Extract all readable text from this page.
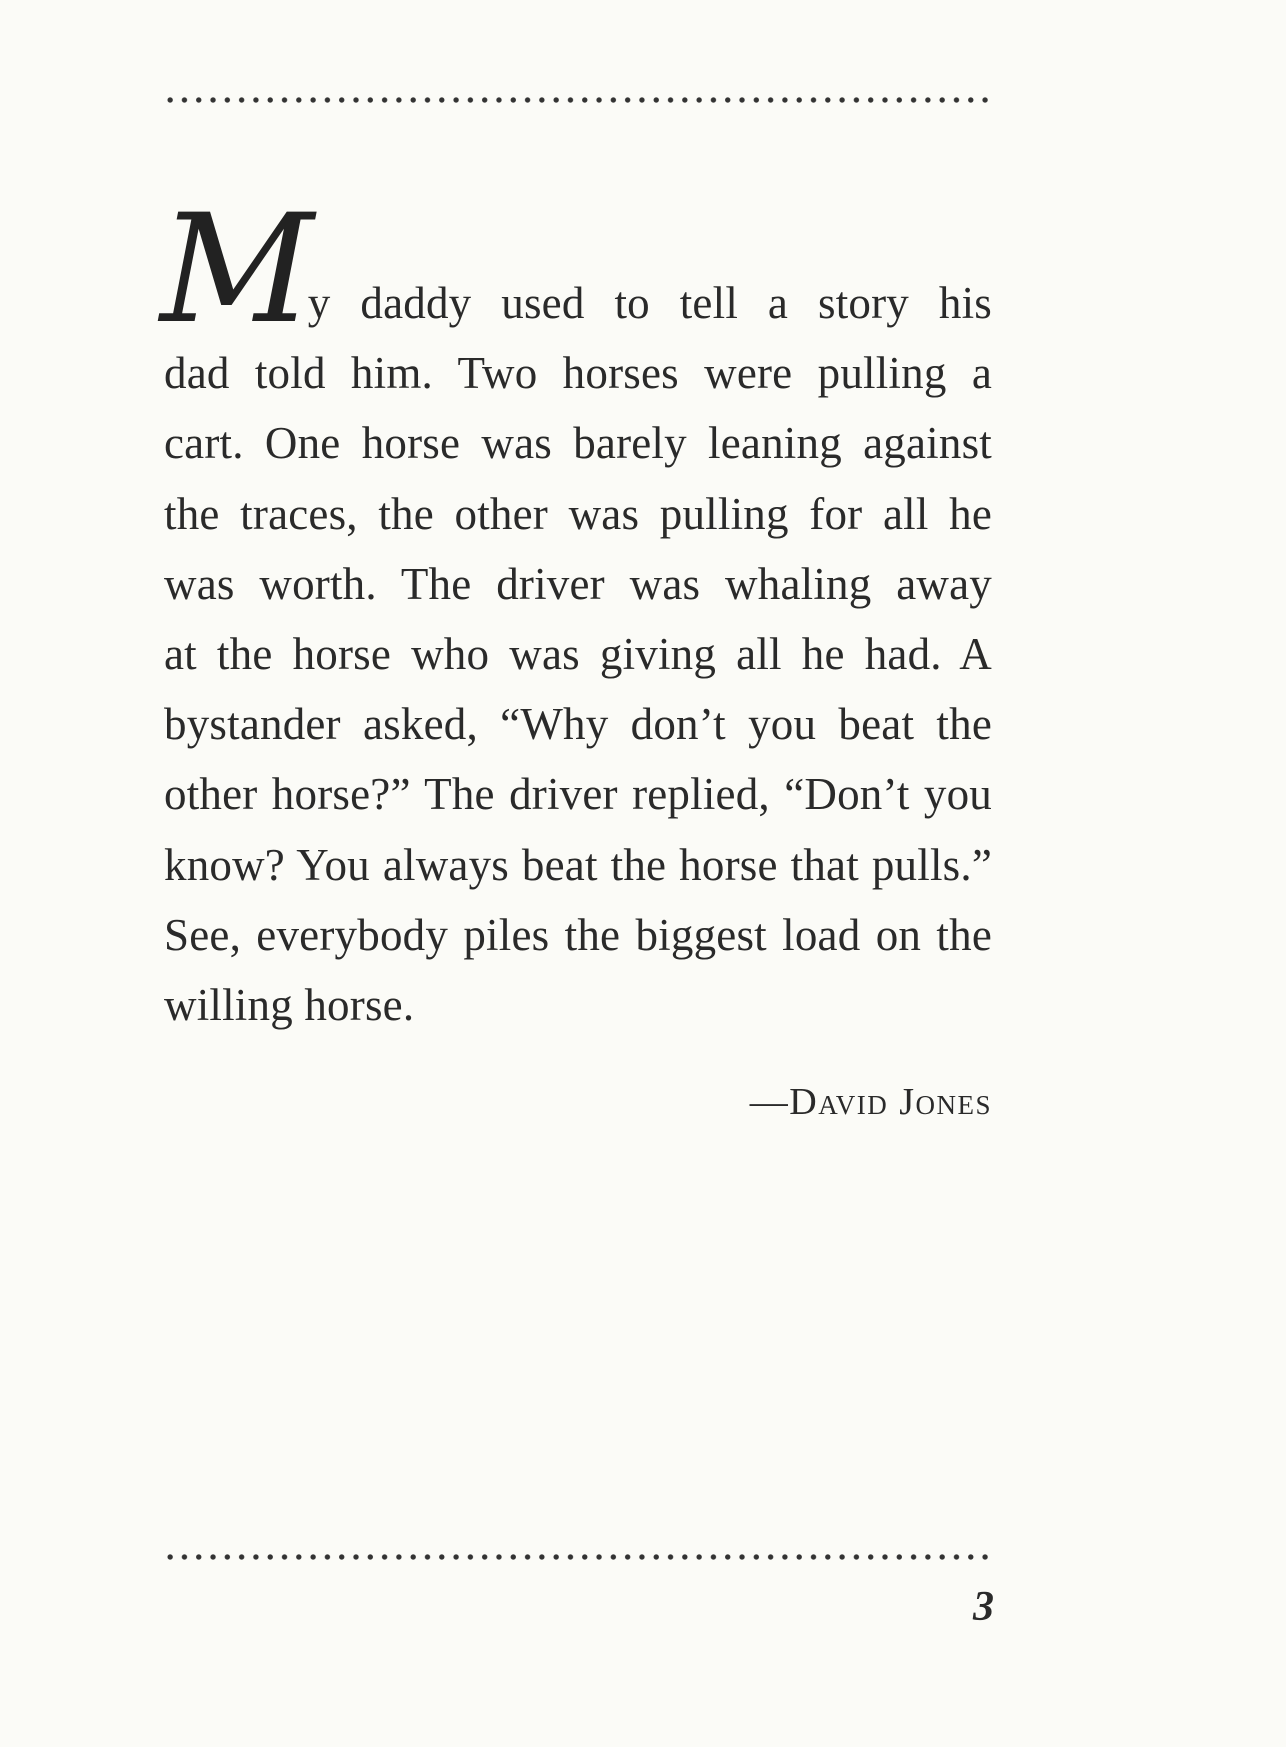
M
y daddy used to tell a story his
dad told him. Two horses were pulling a
cart. One horse was barely leaning against
the traces, the other was pulling for all he
was worth. The driver was whaling away
at the horse who was giving all he had. A
bystander asked, “Why don’t you beat the
other horse?” The driver replied, “Don’t you
know? You always beat the horse that pulls.”
See, everybody piles the biggest load on the
willing horse.
—David Jones
3
